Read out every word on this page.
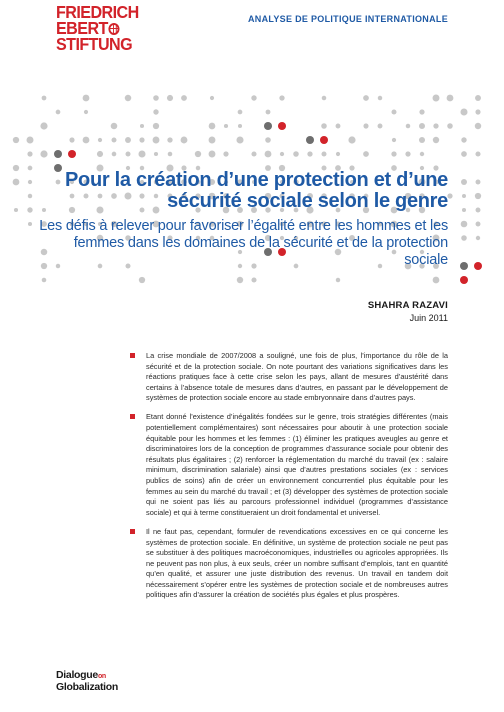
FRIEDRICH
EBERT
STIFTUNG
ANALYSE DE POLITIQUE INTERNATIONALE
Pour la création d’une protection et d’une sécurité sociale selon le genre
Les défis à relever pour favoriser l’égalité entre les hommes et les femmes dans les domaines de la sécurité et de la protection sociale
SHAHRA RAZAVI
Juin 2011
La crise mondiale de 2007/2008 a souligné, une fois de plus, l’importance du rôle de la sécurité et de la protection sociale. On note pourtant des variations significatives dans les réactions pratiques face à cette crise selon les pays, allant de mesures d’austérité dans certains à l’absence totale de mesures dans d’autres, en passant par le développement de systèmes de protection sociale encore au stade embryonnaire dans d’autres pays.
Etant donné l’existence d’inégalités fondées sur le genre, trois stratégies différentes (mais potentiellement complémentaires) sont nécessaires pour aboutir à une protection sociale équitable pour les hommes et les femmes : (1) éliminer les pratiques aveugles au genre et discriminatoires lors de la conception de programmes d’assurance sociale pour obtenir des résultats plus égalitaires ; (2) renforcer la réglementation du marché du travail (ex : salaire minimum, discrimination salariale) ainsi que d’autres prestations sociales (ex : services publics de soins) afin de créer un environnement concurrentiel plus équitable pour les femmes au sein du marché du travail ; et (3) développer des systèmes de protection sociale qui ne soient pas liés au parcours professionnel individuel (programmes d’assistance sociale) et qui à terme constitueraient un droit fondamental et universel.
Il ne faut pas, cependant, formuler de revendications excessives en ce qui concerne les systèmes de protection sociale. En définitive, un système de protection sociale ne peut pas se substituer à des politiques macroéconomiques, industrielles ou agricoles appropriées. Ils ne peuvent pas non plus, à eux seuls, créer un nombre suffisant d’emplois, tant en quantité qu’en qualité, et assurer une juste distribution des revenus. Un travail en tandem doit nécessairement s’opérer entre les systèmes de protection sociale et de nombreuses autres politiques afin d’assurer la création de sociétés plus égales et plus prospères.
Dialogueon
Globalization
